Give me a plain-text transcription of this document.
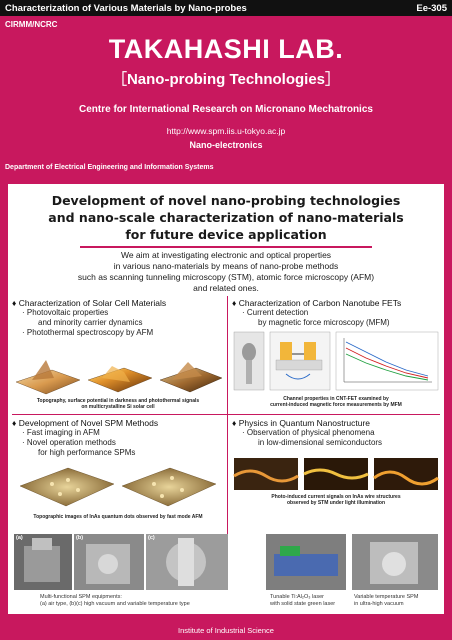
Characterization of Various Materials by Nano-probes	Ee-305
CIRMM/NCRC
TAKAHASHI LAB.
［Nano-probing Technologies］
Centre for International Research on Micronano Mechatronics
http://www.spm.iis.u-tokyo.ac.jp
Nano-electronics
Department of Electrical Engineering and Information Systems
Development of novel nano-probing technologies
and nano-scale characterization of nano-materials
for future device application
We aim at investigating electronic and optical properties
in various nano-materials by means of nano-probe methods
such as scanning tunneling microscopy (STM), atomic force microscopy (AFM)
and related ones.
♦ Characterization of Solar Cell Materials
· Photovoltaic properties
and minority carrier dynamics
· Photothermal spectroscopy by AFM
Topography, surface potential in darkness and photothermal signals
on multicrystalline Si solar cell
♦ Characterization of Carbon Nanotube FETs
· Current detection
by magnetic force microscopy (MFM)
Channel properties in CNT-FET examined by
current-induced magnetic force measurements by MFM
♦ Development of Novel SPM Methods
· Fast imaging in AFM
· Novel operation methods
for high performance SPMs
Topographic images of InAs quantum dots observed by fast mode AFM
♦ Physics in Quantum Nanostructure
· Observation of physical phenomena
in low-dimensional semiconductors
Photo-induced current signals on InAs wire structures
observed by STM under light illumination
(a)	(b)	(c)
Multi-functional SPM equipments:
(a) air type, (b)(c) high vacuum and variable temperature type
Tunable Ti:Al₂O₃ laser
with solid state green laser
Variable temperature SPM
in ultra-high vacuum
Institute of Industrial Science
